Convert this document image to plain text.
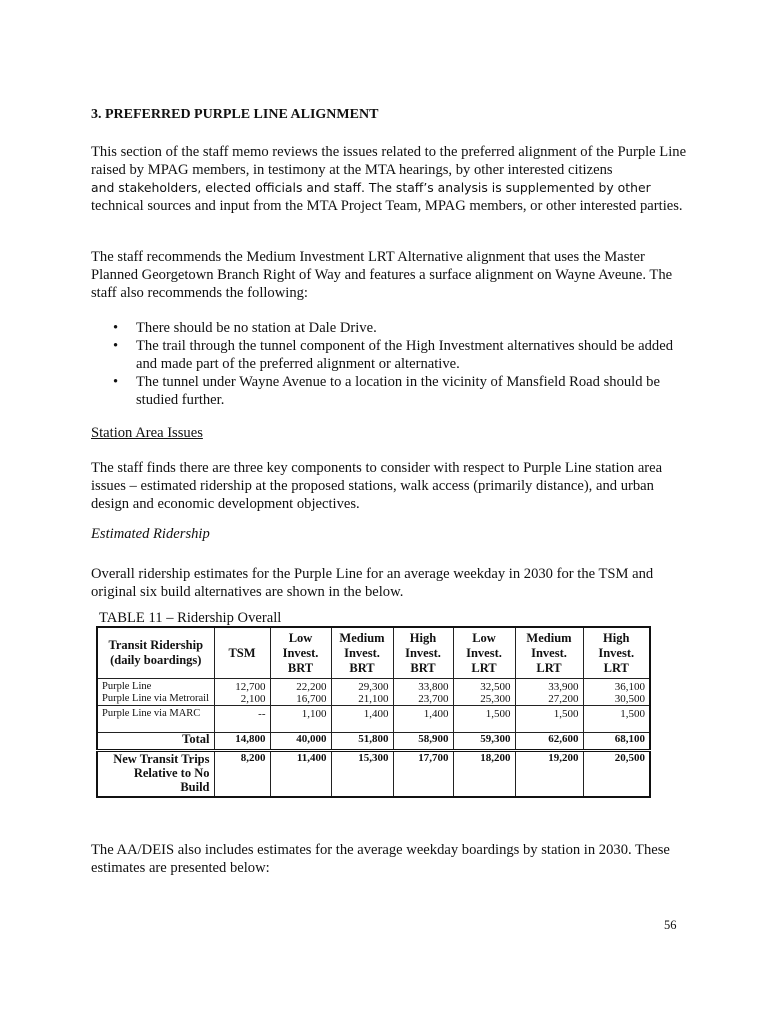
3. PREFERRED PURPLE LINE ALIGNMENT
This section of the staff memo reviews the issues related to the preferred alignment of the Purple Line raised by MPAG members, in testimony at the MTA hearings, by other interested citizens
and stakeholders, elected officials and staff. The staff’s analysis is supplemented by other
technical sources and input from the MTA Project Team, MPAG members, or other interested parties.

The staff recommends the Medium Investment LRT Alternative alignment that uses the Master Planned Georgetown Branch Right of Way and features a surface alignment on Wayne Aveune. The staff also recommends the following:

• There should be no station at Dale Drive.
• The trail through the tunnel component of the High Investment alternatives should be added and made part of the preferred alignment or alternative.
• The tunnel under Wayne Avenue to a location in the vicinity of Mansfield Road should be studied further.
Station Area Issues

The staff finds there are three key components to consider with respect to Purple Line station area issues – estimated ridership at the proposed stations, walk access (primarily distance), and urban design and economic development objectives.

Estimated Ridership

Overall ridership estimates for the Purple Line for an average weekday in 2030 for the TSM and original six build alternatives are shown in the below.

TABLE 11 – Ridership Overall
Transit Ridership (daily boardings)	TSM	Low Invest. BRT	Medium Invest. BRT	High Invest. BRT	Low Invest. LRT	Medium Invest. LRT	High Invest. LRT
Purple Line	12,700	22,200	29,300	33,800	32,500	33,900	36,100
Purple Line via Metrorail	2,100	16,700	21,100	23,700	25,300	27,200	30,500
Purple Line via MARC	--	1,100	1,400	1,400	1,500	1,500	1,500
Total	14,800	40,000	51,800	58,900	59,300	62,600	68,100
New Transit Trips Relative to No Build	8,200	11,400	15,300	17,700	18,200	19,200	20,500

The AA/DEIS also includes estimates for the average weekday boardings by station in 2030. These estimates are presented below:

56
